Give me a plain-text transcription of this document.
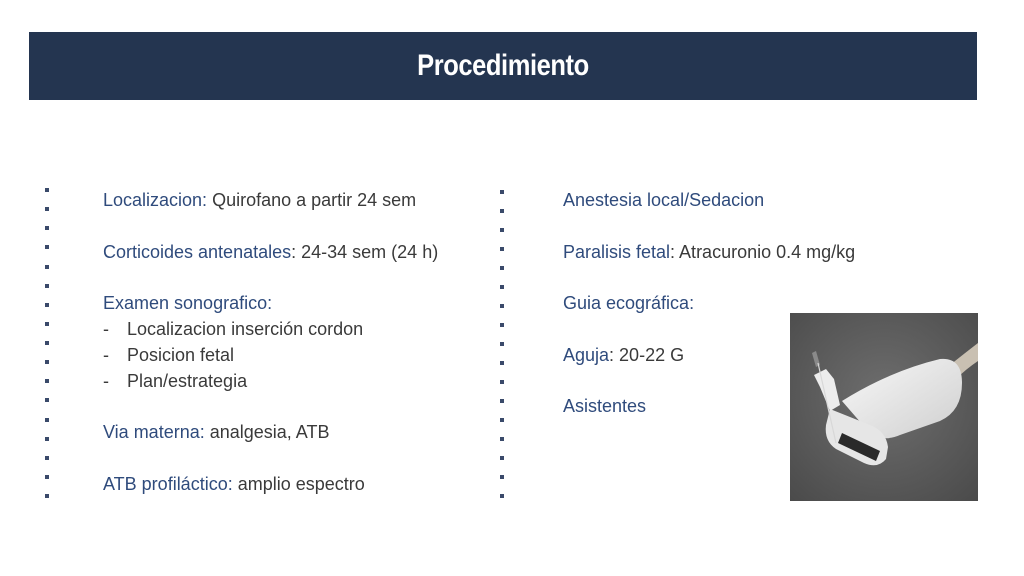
Procedimiento
Localizacion: Quirofano a partir 24 sem
Corticoides antenatales: 24-34 sem (24 h)
Examen sonografico:
- Localizacion inserción cordon
- Posicion fetal
- Plan/estrategia
Via materna: analgesia, ATB
ATB profiláctico: amplio espectro
Anestesia local/Sedacion
Paralisis fetal: Atracuronio 0.4 mg/kg
Guia ecográfica:
Aguja: 20-22 G
Asistentes
